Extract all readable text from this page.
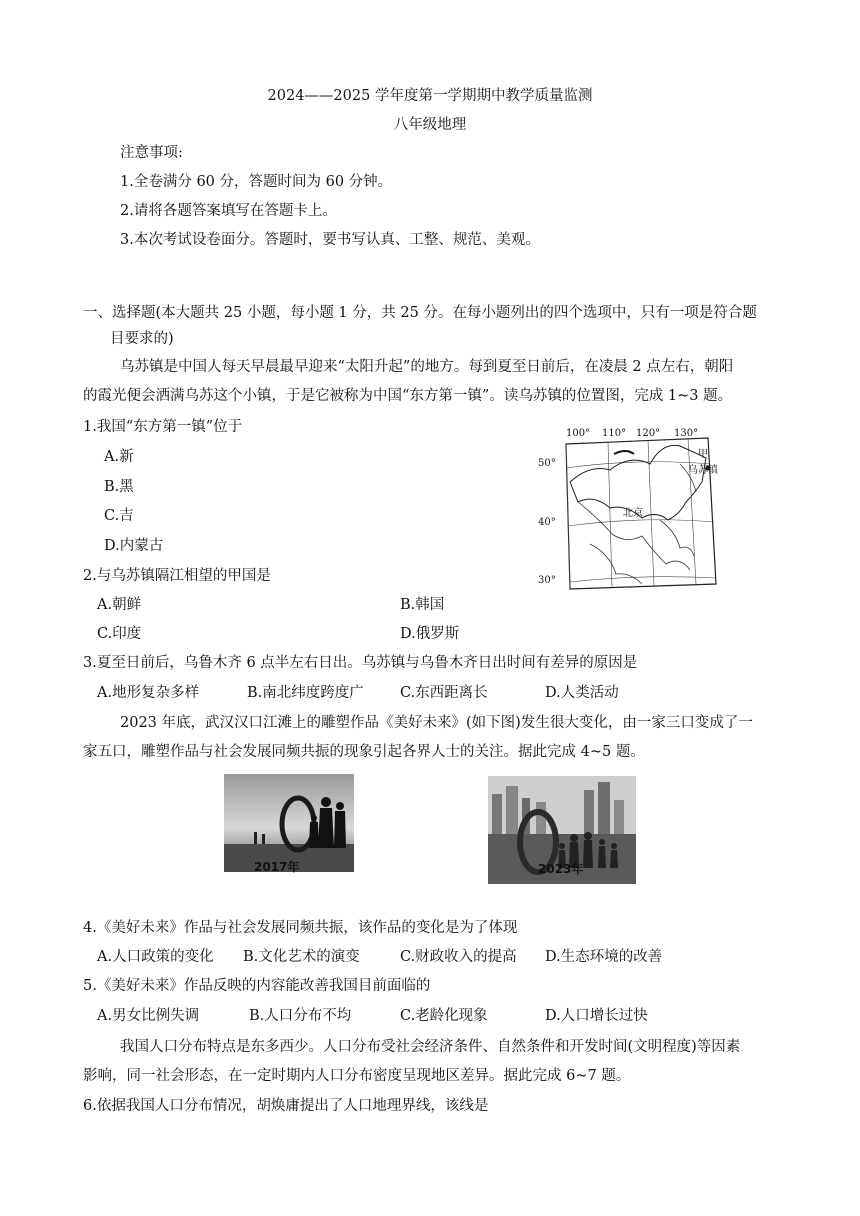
2024——2025 学年度第一学期期中教学质量监测
八年级地理
注意事项:
1.全卷满分 60 分，答题时间为 60 分钟。
2.请将各题答案填写在答题卡上。
3.本次考试设卷面分。答题时，要书写认真、工整、规范、美观。
一、选择题(本大题共 25 小题，每小题 1 分，共 25 分。在每小题列出的四个选项中，只有一项是符合题
目要求的)
乌苏镇是中国人每天早晨最早迎来“太阳升起”的地方。每到夏至日前后，在凌晨 2 点左右，朝阳
的霞光便会洒满乌苏这个小镇，于是它被称为中国“东方第一镇”。读乌苏镇的位置图，完成 1~3 题。
1.我国“东方第一镇”位于
A.新
B.黑
C.吉
D.内蒙古
100° 110° 120° 130°
50°
40°
30°
甲
乌苏镇
北京
2.与乌苏镇隔江相望的甲国是
A.朝鲜	B.韩国
C.印度	D.俄罗斯
3.夏至日前后，乌鲁木齐 6 点半左右日出。乌苏镇与乌鲁木齐日出时间有差异的原因是
A.地形复杂多样	B.南北纬度跨度广 C.东西距离长	D.人类活动
2023 年底，武汉汉口江滩上的雕塑作品《美好未来》(如下图)发生很大变化，由一家三口变成了一
家五口，雕塑作品与社会发展同频共振的现象引起各界人士的关注。据此完成 4~5 题。
2017年	2023年
4.《美好未来》作品与社会发展同频共振，该作品的变化是为了体现
A.人口政策的变化 B.文化艺术的演变	C.财政收入的提高 D.生态环境的改善
5.《美好未来》作品反映的内容能改善我国目前面临的
A.男女比例失调	B.人口分布不均	C.老龄化现象	D.人口增长过快
我国人口分布特点是东多西少。人口分布受社会经济条件、自然条件和开发时间(文明程度)等因素
影响，同一社会形态，在一定时期内人口分布密度呈现地区差异。据此完成 6~7 题。
6.依据我国人口分布情况，胡焕庸提出了人口地理界线，该线是
